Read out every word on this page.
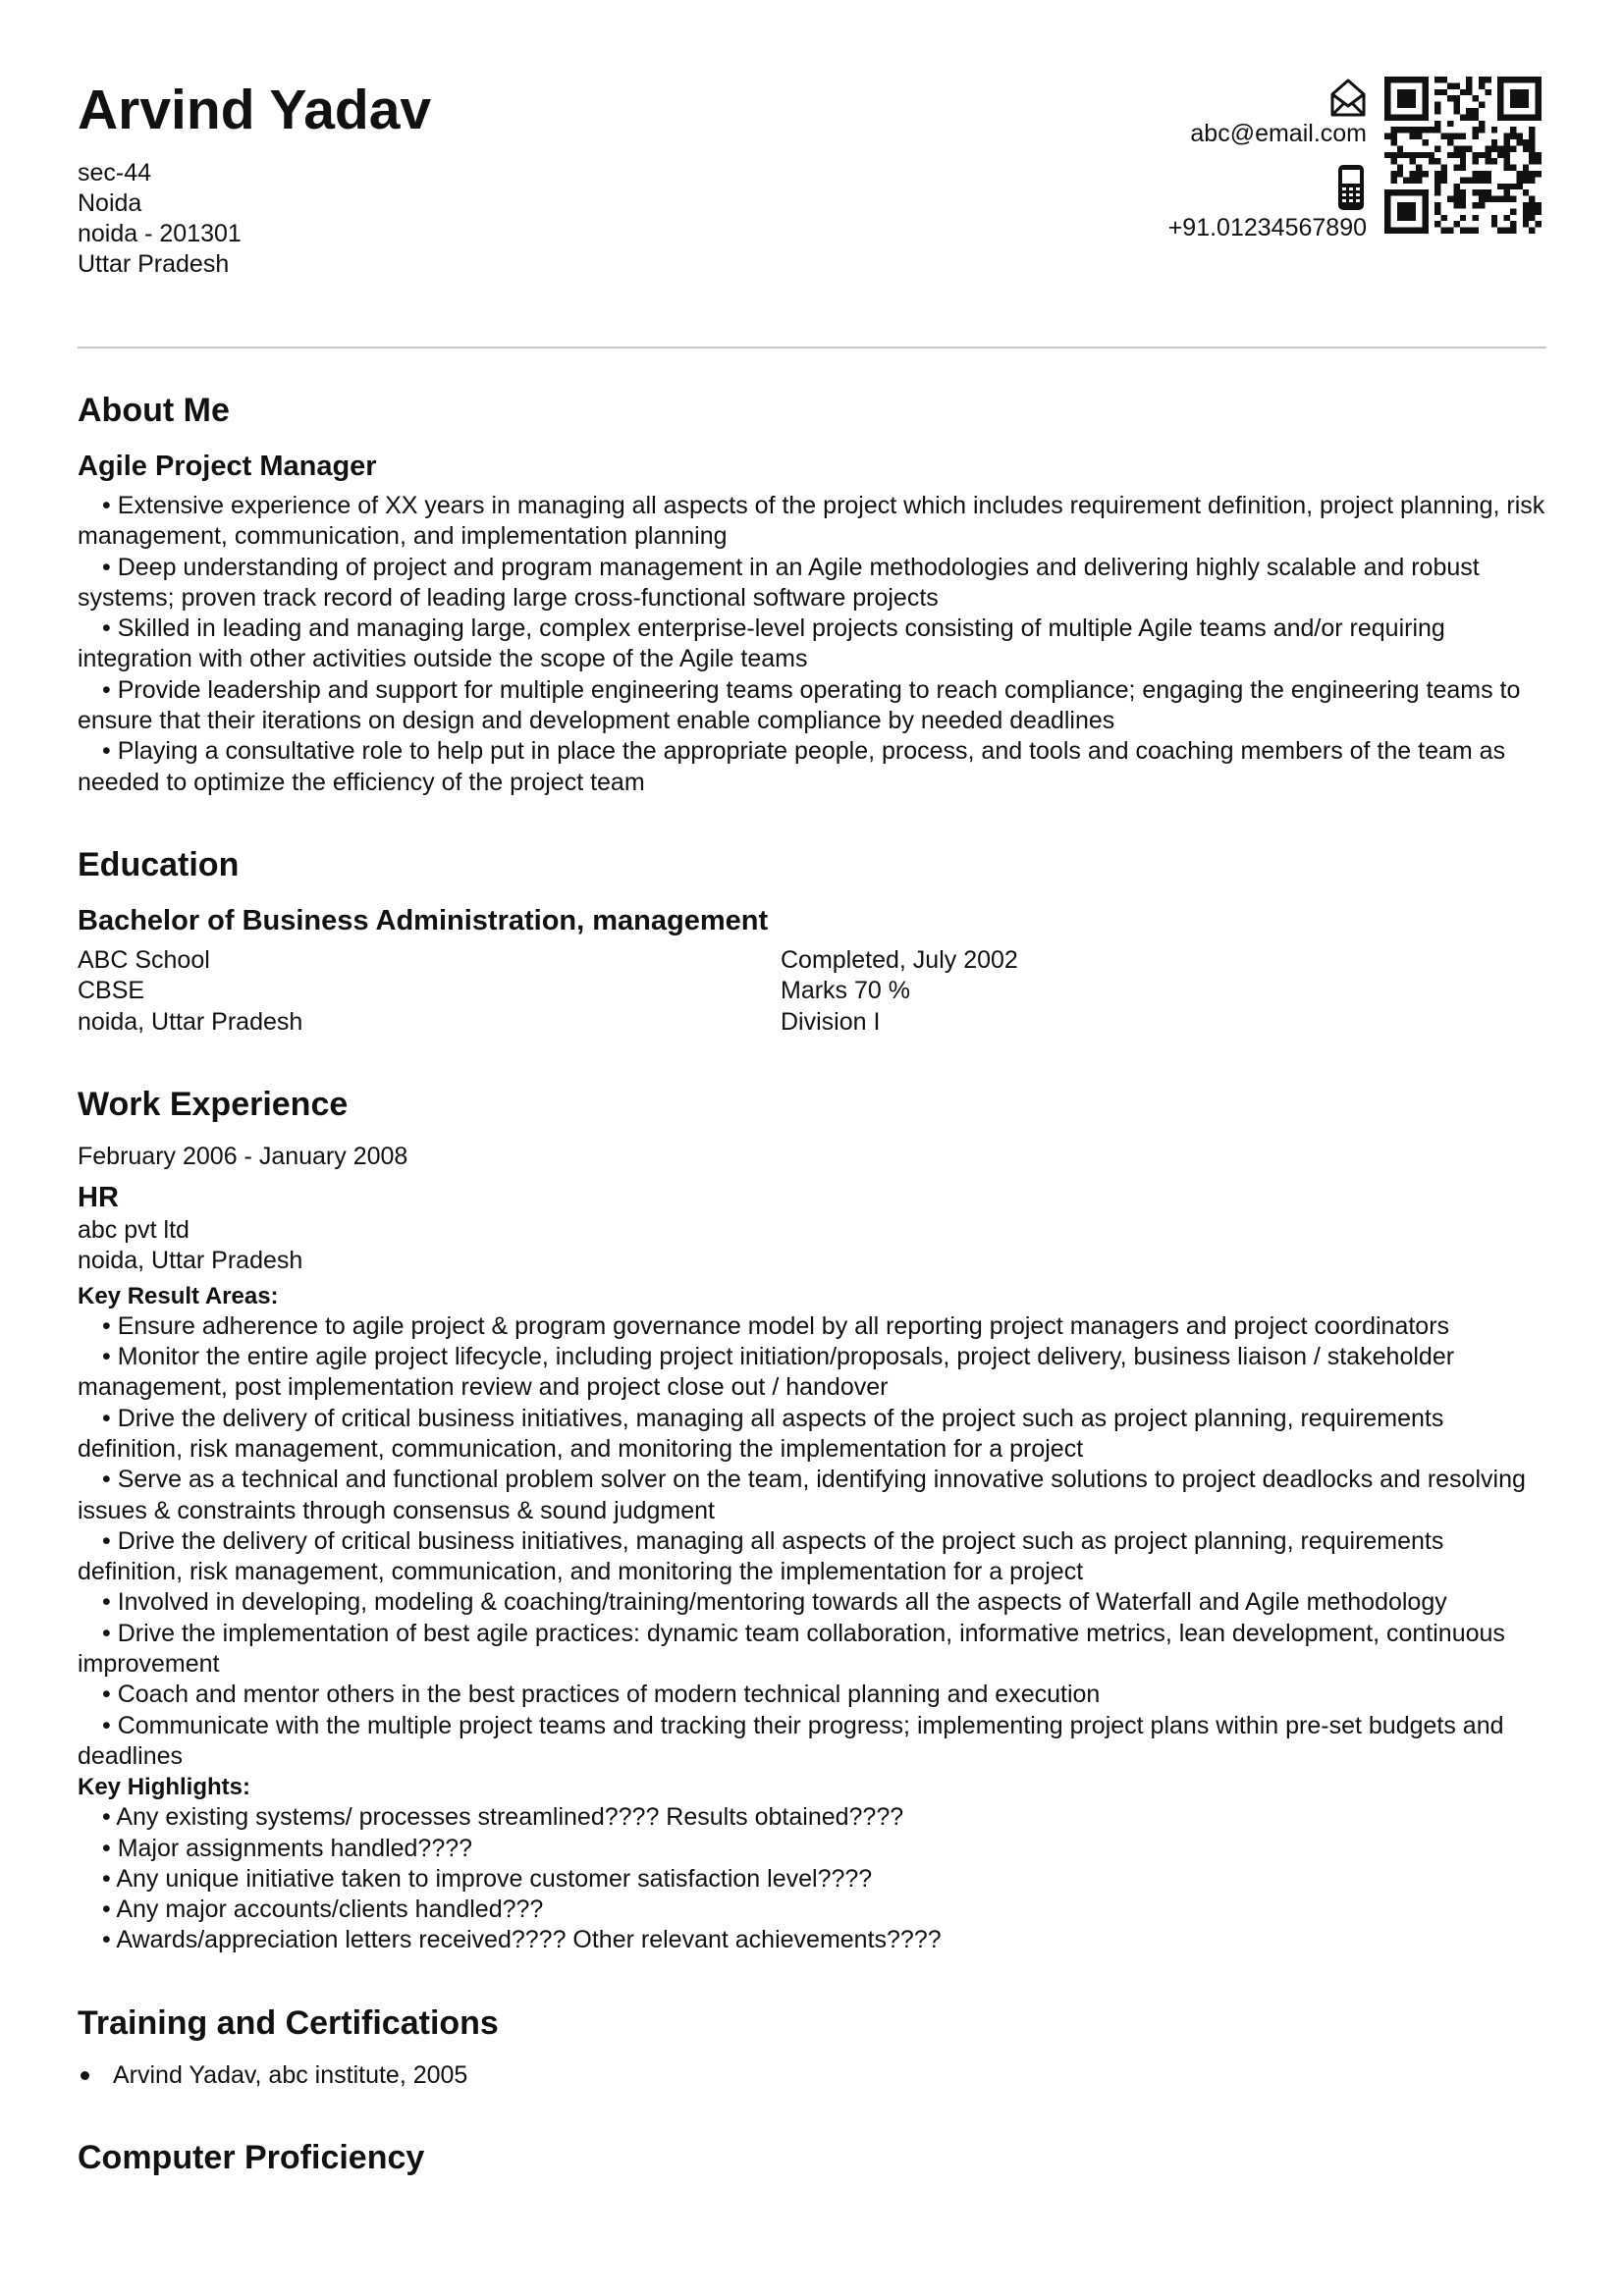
Arvind Yadav
sec-44
Noida
noida - 201301
Uttar Pradesh
abc@email.com
+91.01234567890
About Me
Agile Project Manager
• Extensive experience of XX years in managing all aspects of the project which includes requirement definition, project planning, risk management, communication, and implementation planning
• Deep understanding of project and program management in an Agile methodologies and delivering highly scalable and robust systems; proven track record of leading large cross-functional software projects
• Skilled in leading and managing large, complex enterprise-level projects consisting of multiple Agile teams and/or requiring integration with other activities outside the scope of the Agile teams
• Provide leadership and support for multiple engineering teams operating to reach compliance; engaging the engineering teams to ensure that their iterations on design and development enable compliance by needed deadlines
• Playing a consultative role to help put in place the appropriate people, process, and tools and coaching members of the team as needed to optimize the efficiency of the project team
Education
Bachelor of Business Administration, management
ABC School
CBSE
noida, Uttar Pradesh
Completed, July 2002
Marks 70 %
Division I
Work Experience
February 2006 - January 2008
HR
abc pvt ltd
noida, Uttar Pradesh
Key Result Areas:
• Ensure adherence to agile project & program governance model by all reporting project managers and project coordinators
• Monitor the entire agile project lifecycle, including project initiation/proposals, project delivery, business liaison / stakeholder management, post implementation review and project close out / handover
• Drive the delivery of critical business initiatives, managing all aspects of the project such as project planning, requirements definition, risk management, communication, and monitoring the implementation for a project
• Serve as a technical and functional problem solver on the team, identifying innovative solutions to project deadlocks and resolving issues & constraints through consensus & sound judgment
• Drive the delivery of critical business initiatives, managing all aspects of the project such as project planning, requirements definition, risk management, communication, and monitoring the implementation for a project
• Involved in developing, modeling & coaching/training/mentoring towards all the aspects of Waterfall and Agile methodology
• Drive the implementation of best agile practices: dynamic team collaboration, informative metrics, lean development, continuous improvement
• Coach and mentor others in the best practices of modern technical planning and execution
• Communicate with the multiple project teams and tracking their progress; implementing project plans within pre-set budgets and deadlines
Key Highlights:
• Any existing systems/ processes streamlined???? Results obtained????
• Major assignments handled????
• Any unique initiative taken to improve customer satisfaction level????
• Any major accounts/clients handled???
• Awards/appreciation letters received???? Other relevant achievements????
Training and Certifications
Arvind Yadav, abc institute, 2005
Computer Proficiency
